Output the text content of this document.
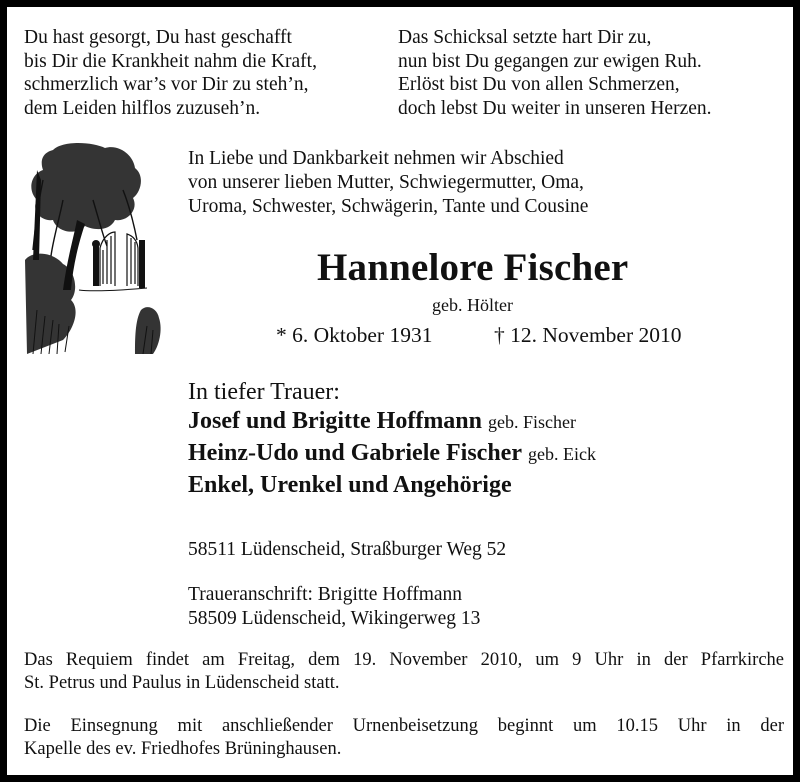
Du hast gesorgt, Du hast geschafft
bis Dir die Krankheit nahm die Kraft,
schmerzlich war’s vor Dir zu steh’n,
dem Leiden hilflos zuzuseh’n.
Das Schicksal setzte hart Dir zu,
nun bist Du gegangen zur ewigen Ruh.
Erlöst bist Du von allen Schmerzen,
doch lebst Du weiter in unseren Herzen.
In Liebe und Dankbarkeit nehmen wir Abschied
von unserer lieben Mutter, Schwiegermutter, Oma,
Uroma, Schwester, Schwägerin, Tante und Cousine
Hannelore Fischer
geb. Hölter
* 6. Oktober 1931	† 12. November 2010
In tiefer Trauer:
Josef und Brigitte Hoffmann geb. Fischer
Heinz-Udo und Gabriele Fischer geb. Eick
Enkel, Urenkel und Angehörige
58511 Lüdenscheid, Straßburger Weg 52
Traueranschrift: Brigitte Hoffmann
58509 Lüdenscheid, Wikingerweg 13
Das Requiem findet am Freitag, dem 19. November 2010, um 9 Uhr in der Pfarrkirche
St. Petrus und Paulus in Lüdenscheid statt.
Die Einsegnung mit anschließender Urnenbeisetzung beginnt um 10.15 Uhr in der
Kapelle des ev. Friedhofes Brüninghausen.
